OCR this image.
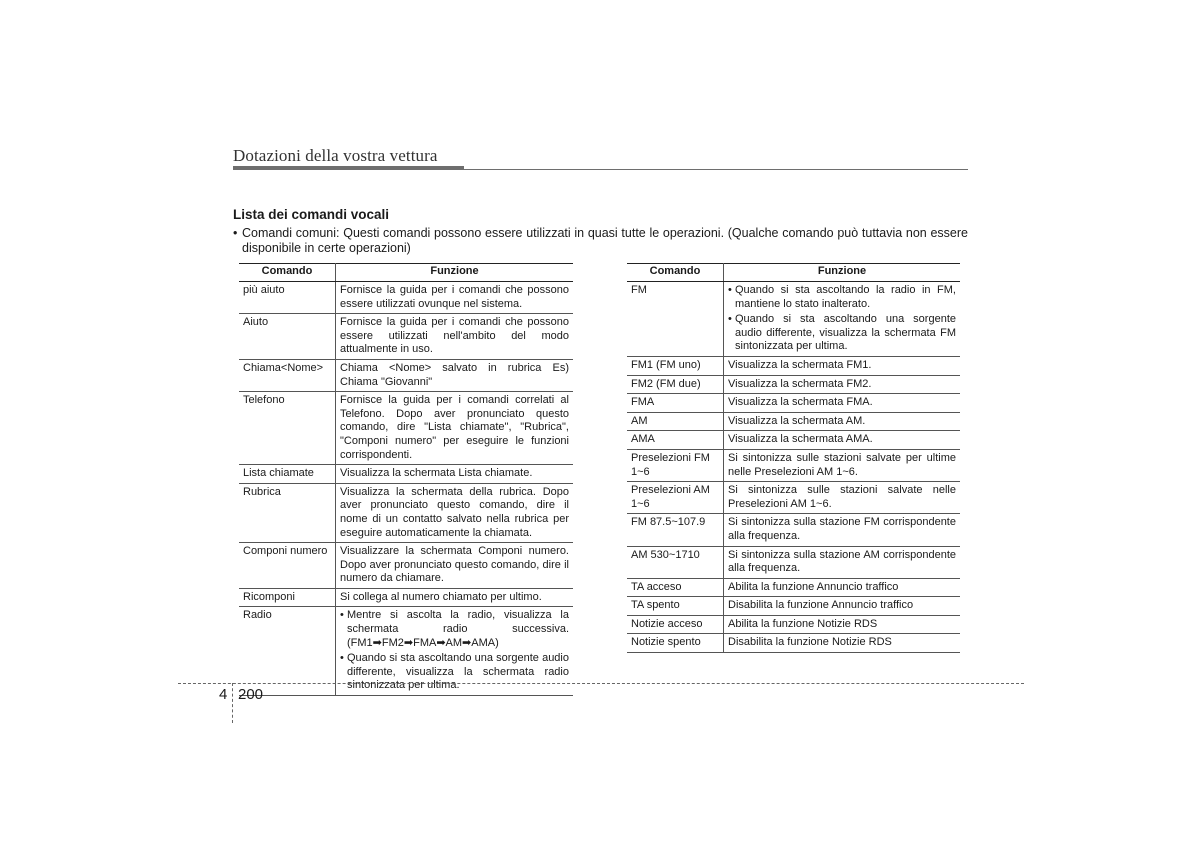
Dotazioni della vostra vettura
Lista dei comandi vocali
• Comandi comuni: Questi comandi possono essere utilizzati in quasi tutte le operazioni. (Qualche comando può tuttavia non essere disponibile in certe operazioni)
Comando	Funzione
più aiuto	Fornisce la guida per i comandi che possono essere utilizzati ovunque nel sistema.
Aiuto	Fornisce la guida per i comandi che possono essere utilizzati nell'ambito del modo attualmente in uso.
Chiama<Nome>	Chiama <Nome> salvato in rubrica Es) Chiama "Giovanni"
Telefono	Fornisce la guida per i comandi correlati al Telefono. Dopo aver pronunciato questo comando, dire "Lista chiamate", "Rubrica", "Componi numero" per eseguire le funzioni corrispondenti.
Lista chiamate	Visualizza la schermata Lista chiamate.
Rubrica	Visualizza la schermata della rubrica. Dopo aver pronunciato questo comando, dire il nome di un contatto salvato nella rubrica per eseguire automaticamente la chiamata.
Componi numero	Visualizzare la schermata Componi numero. Dopo aver pronunciato questo comando, dire il numero da chiamare.
Ricomponi	Si collega al numero chiamato per ultimo.
Radio	• Mentre si ascolta la radio, visualizza la schermata radio successiva. (FM1➡FM2➡FMA➡AM➡AMA)
• Quando si sta ascoltando una sorgente audio differente, visualizza la schermata radio sintonizzata per ultima.
Comando	Funzione
FM	• Quando si sta ascoltando la radio in FM, mantiene lo stato inalterato.
• Quando si sta ascoltando una sorgente audio differente, visualizza la schermata FM sintonizzata per ultima.

FM1 (FM uno)	Visualizza la schermata FM1.
FM2 (FM due)	Visualizza la schermata FM2.
FMA	Visualizza la schermata FMA.
AM	Visualizza la schermata AM.
AMA	Visualizza la schermata AMA.
Preselezioni FM 1~6	Si sintonizza sulle stazioni salvate per ultime nelle Preselezioni AM 1~6.
Preselezioni AM 1~6	Si sintonizza sulle stazioni salvate nelle Preselezioni AM 1~6.
FM 87.5~107.9	Si sintonizza sulla stazione FM corrispondente alla frequenza.
AM 530~1710	Si sintonizza sulla stazione AM corrispondente alla frequenza.
TA acceso	Abilita la funzione Annuncio traffico
TA spento	Disabilita la funzione Annuncio traffico
Notizie acceso	Abilita la funzione Notizie RDS
Notizie spento	Disabilita la funzione Notizie RDS
4 200
